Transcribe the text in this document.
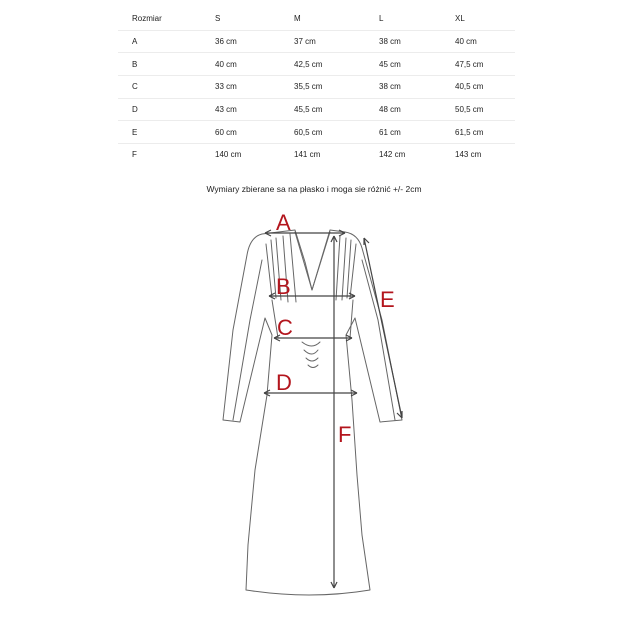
Rozmiar	S	M	L	XL
A	36 cm	37 cm	38 cm	40 cm
B	40 cm	42,5 cm	45 cm	47,5 cm
C	33 cm	35,5 cm	38 cm	40,5 cm
D	43 cm	45,5 cm	48 cm	50,5 cm
E	60 cm	60,5 cm	61 cm	61,5 cm
F	140 cm	141 cm	142 cm	143 cm
Wymiary zbierane sa na płasko i moga sie różnić +/- 2cm
A
B
C
D
E
F
